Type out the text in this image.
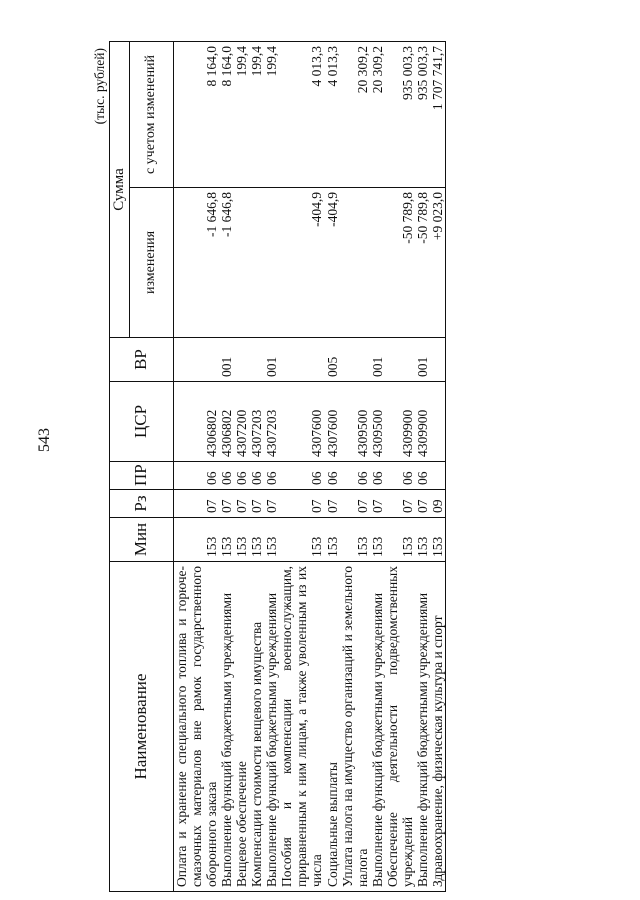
543
(тыс. рублей)
Наименование	Мин	Рз	ПР	ЦСР	ВР	Сумма	
						изменения	с учетом изменений
Оплата и хранение специального топлива и горюче-смазочных материалов вне рамок государственного оборонного заказа	153	07	06	4306802		-1 646,8	8 164,0
Выполнение функций бюджетными учреждениями	153	07	06	4306802	001	-1 646,8	8 164,0
Вещевое обеспечение	153	07	06	4307200			199,4
Компенсации стоимости вещевого имущества	153	07	06	4307203			199,4
Выполнение функций бюджетными учреждениями	153	07	06	4307203	001		199,4
Пособия и компенсации военнослужащим, приравненным к ним лицам, а также уволенным из их числа	153	07	06	4307600		-404,9	4 013,3
Социальные выплаты	153	07	06	4307600	005	-404,9	4 013,3
Уплата налога на имущество организаций и земельного налога	153	07	06	4309500			20 309,2
Выполнение функций бюджетными учреждениями	153	07	06	4309500	001		20 309,2
Обеспечение деятельности подведомственных учреждений	153	07	06	4309900		-50 789,8	935 003,3
Выполнение функций бюджетными учреждениями	153	07	06	4309900	001	-50 789,8	935 003,3
Здравоохранение, физическая культура и спорт	153	09				+9 023,0	1 707 741,7
